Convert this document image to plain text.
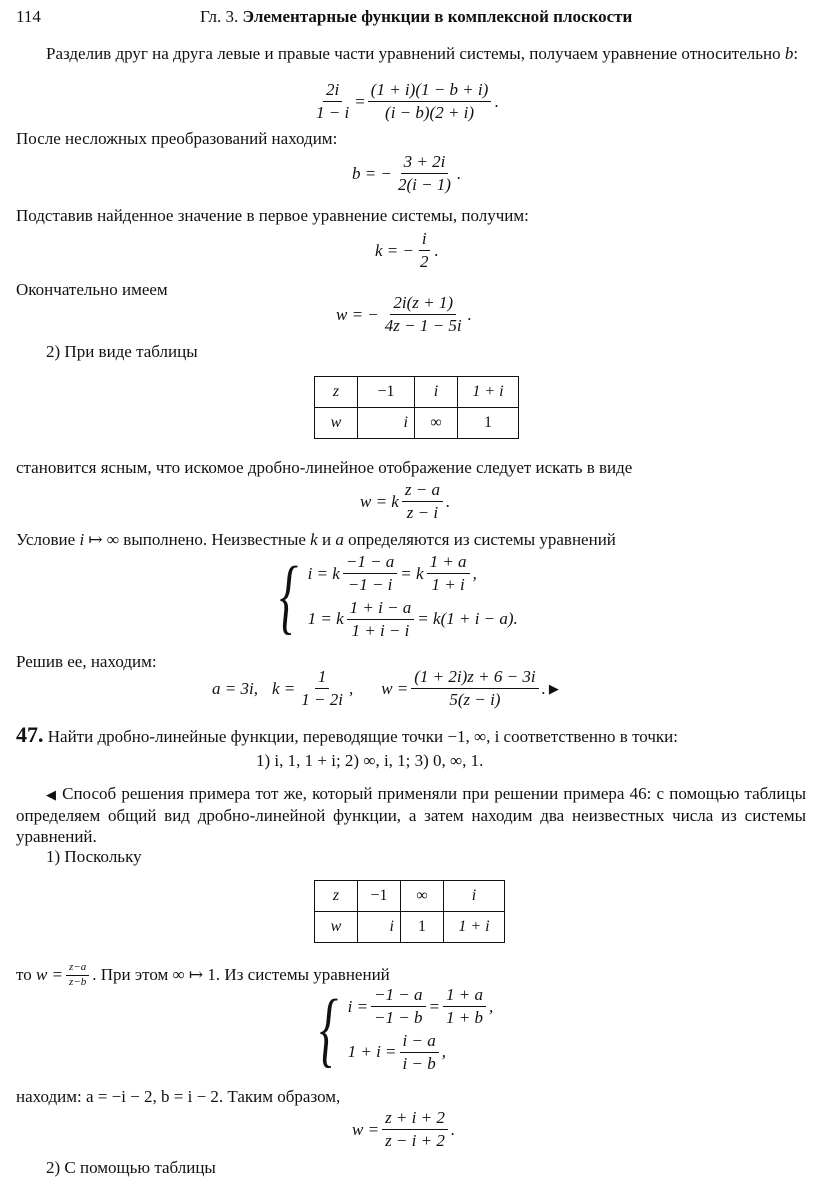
114	Гл. 3. Элементарные функции в комплексной плоскости
Разделив друг на друга левые и правые части уравнений системы, получаем уравнение относительно b:
$\frac{2i}{1 - i} = \frac{(1 + i)(1 - b + i)}{(i - b)(2 + i)}$ .
После несложных преобразований находим:
b = − $\frac{3 + 2i}{2(i - 1)}$ .
Подставив найденное значение в первое уравнение системы, получим:
k = − $\frac{i}{2}$ .
Окончательно имеем
w = − $\frac{2i(z + 1)}{4z - 1 - 5i}$ .
2) При виде таблицы
z	−1	i	1 + i
w	i	∞	1
становится ясным, что искомое дробно-линейное отображение следует искать в виде
w = k $\frac{z - a}{z - i}$ .
Условие i ↦ ∞ выполнено. Неизвестные k и a определяются из системы уравнений
{ i = k $\frac{-1 - a}{-1 - i} = k \frac{1 + a}{1 + i}$ ,
1 = k $\frac{1 + i - a}{1 + i - i} = k(1 + i - a)$.
Решив ее, находим:
a = 3i, $k = \frac{1}{1 - 2i}$ , $w = \frac{(1 + 2i)z + 6 - 3i}{5(z - i)}$ . ▶
47. Найти дробно-линейные функции, переводящие точки −1, ∞, i соответственно в точки:
1) i, 1, 1 + i; 2) ∞, i, 1; 3) 0, ∞, 1.
◀ Способ решения примера тот же, который применяли при решении примера 46: с помощью таблицы определяем общий вид дробно-линейной функции, а затем находим два неизвестных числа из системы уравнений.
1) Поскольку
z	−1	∞	i
w	i	1	1 + i
то
$w = \frac{z-a}{z-b}$ . При этом ∞ ↦ 1. Из системы уравнений
{ $i = \frac{-1 - a}{-1 - b} = \frac{1 + a}{1 + b}$ ,
$1 + i = \frac{i - a}{i - b}$ ,
находим: a = −i − 2, b = i − 2. Таким образом,
$w = \frac{z + i + 2}{z - i + 2}$ .
2) С помощью таблицы
